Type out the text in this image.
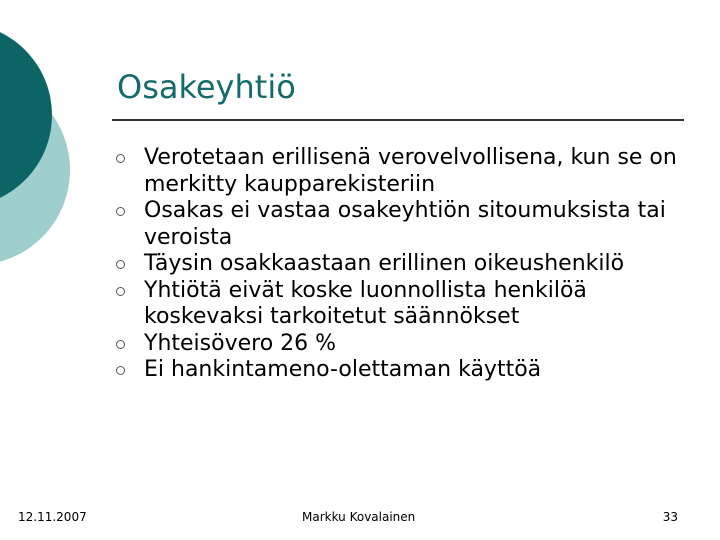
Osakeyhtiö
Verotetaan erillisenä verovelvollisena, kun se on merkitty kaupparekisteriin
Osakas ei vastaa osakeyhtiön sitoumuksista tai veroista
Täysin osakkaastaan erillinen oikeushenkilö
Yhtiötä eivät koske luonnollista henkilöä koskevaksi tarkoitetut säännökset
Yhteisövero 26 %
Ei hankintameno-olettaman käyttöä
12.11.2007	Markku Kovalainen	33
